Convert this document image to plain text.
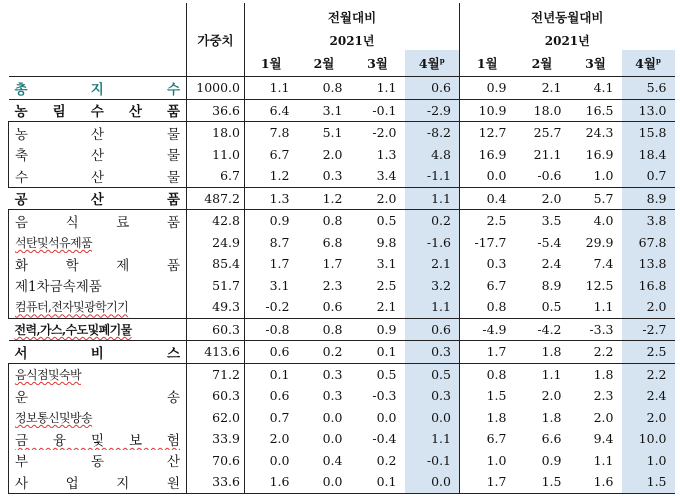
	가중치	전월대비				전년동월대비			
		2021년				2021년			
		1월	2월	3월	4월$^p$	1월	2월	3월	4월$^p$
총 지 수	1000.0	1.1	0.8	1.1	0.6	0.9	2.1	4.1	5.6
농 림 수 산 품	36.6	6.4	3.1	-0.1	-2.9	10.9	18.0	16.5	13.0
농 산 물	18.0	7.8	5.1	-2.0	-8.2	12.7	25.7	24.3	15.8
축 산 물	11.0	6.7	2.0	1.3	4.8	16.9	21.1	16.9	18.4
수 산 물	6.7	1.2	0.3	3.4	-1.1	0.0	-0.6	1.0	0.7
공 산 품	487.2	1.3	1.2	2.0	1.1	0.4	2.0	5.7	8.9
음 식 료 품	42.8	0.9	0.8	0.5	0.2	2.5	3.5	4.0	3.8
석탄및석유제품	24.9	8.7	6.8	9.8	-1.6	-17.7	-5.4	29.9	67.8
화 학 제 품	85.4	1.7	1.7	3.1	2.1	0.3	2.4	7.4	13.8
제1차금속제품	51.7	3.1	2.3	2.5	3.2	6.7	8.9	12.5	16.8
컴퓨터,전자및광학기기	49.3	-0.2	0.6	2.1	1.1	0.8	0.5	1.1	2.0
전력,가스,수도및폐기물	60.3	-0.8	0.8	0.9	0.6	-4.9	-4.2	-3.3	-2.7
서 비 스	413.6	0.6	0.2	0.1	0.3	1.7	1.8	2.2	2.5
음식점및숙박	71.2	0.1	0.3	0.5	0.5	0.8	1.1	1.8	2.2
운 송	60.3	0.6	0.3	-0.3	0.3	1.5	2.0	2.3	2.4
정보통신및방송	62.0	0.7	0.0	0.0	0.0	1.8	1.8	2.0	2.0
금 융 및 보 험	33.9	2.0	0.0	-0.4	1.1	6.7	6.6	9.4	10.0
부 동 산	70.6	0.0	0.4	0.2	-0.1	1.0	0.9	1.1	1.0
사 업 지 원	33.6	1.6	0.0	0.1	0.0	1.7	1.5	1.6	1.5
